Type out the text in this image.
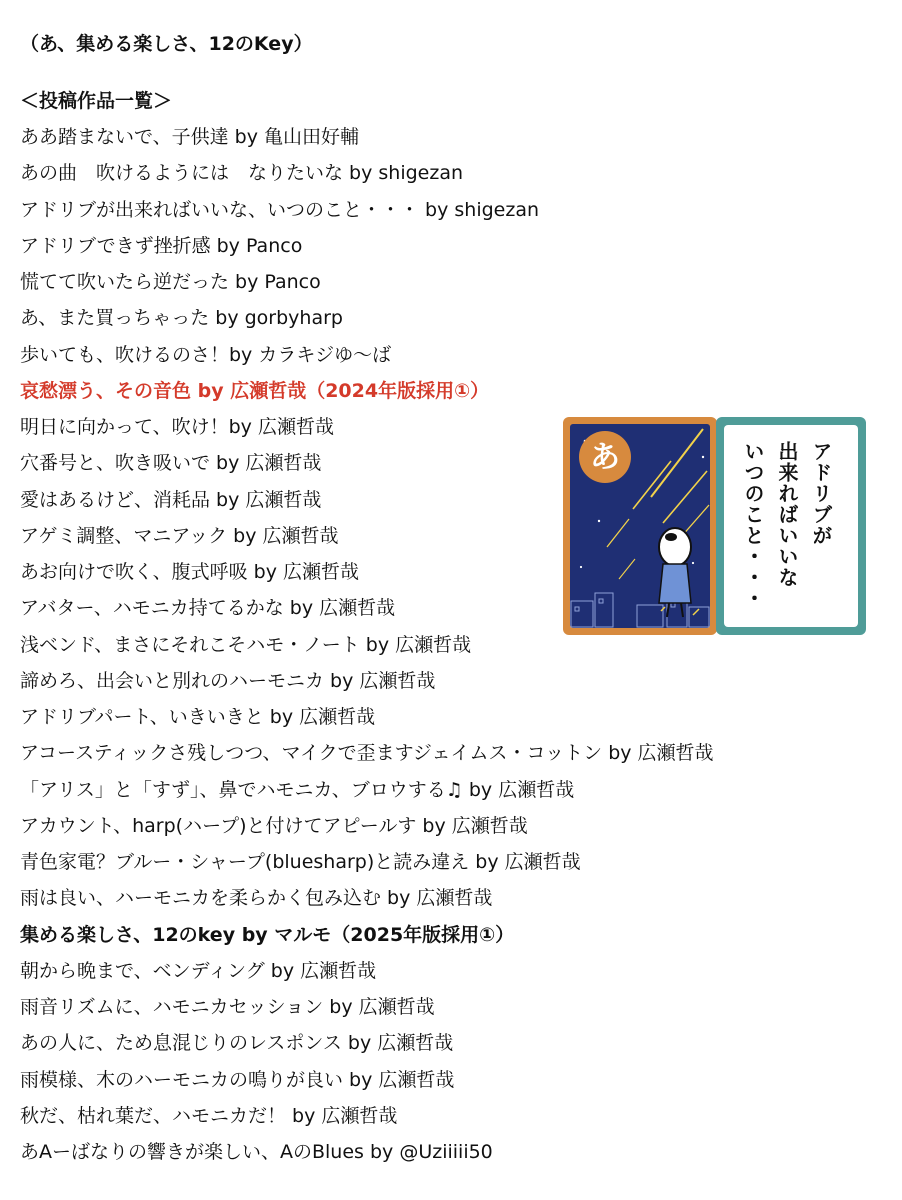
（あ、集める楽しさ、12のKey）
＜投稿作品一覧＞
ああ踏まないで、子供達 by 亀山田好輔
あの曲　吹けるようには　なりたいな by shigezan
アドリブが出来ればいいな、いつのこと・・・ by shigezan
アドリブできず挫折感 by Panco
慌てて吹いたら逆だった by Panco
あ、また買っちゃった by gorbyharp
歩いても、吹けるのさ！by カラキジゆ〜ば
哀愁漂う、その音色 by 広瀬哲哉（2024年版採用①）
明日に向かって、吹け！by 広瀬哲哉
穴番号と、吹き吸いで by 広瀬哲哉
愛はあるけど、消耗品 by 広瀬哲哉
アゲミ調整、マニアック by 広瀬哲哉
あお向けで吹く、腹式呼吸 by 広瀬哲哉
アバター、ハモニカ持てるかな by 広瀬哲哉
浅ベンド、まさにそれこそハモ・ノート by 広瀬哲哉
諦めろ、出会いと別れのハーモニカ by 広瀬哲哉
アドリブパート、いきいきと by 広瀬哲哉
アコースティックさ残しつつ、マイクで歪ますジェイムス・コットン by 広瀬哲哉
「アリス」と「すず」、鼻でハモニカ、ブロウする♫ by 広瀬哲哉
アカウント、harp(ハープ)と付けてアピールす by 広瀬哲哉
青色家電？ブルー・シャープ(bluesharp)と読み違え by 広瀬哲哉
雨は良い、ハーモニカを柔らかく包み込む by 広瀬哲哉
集める楽しさ、12のkey by マルモ（2025年版採用①）
朝から晩まで、ベンディング by 広瀬哲哉
雨音リズムに、ハモニカセッション by 広瀬哲哉
あの人に、ため息混じりのレスポンス by 広瀬哲哉
雨模様、木のハーモニカの鳴りが良い by 広瀬哲哉
秋だ、枯れ葉だ、ハモニカだ！ by 広瀬哲哉
あAーばなりの響きが楽しい、AのBlues by @Uziiiii50
あ	アドリブが
出来ればいいな
いつのこと・・・
